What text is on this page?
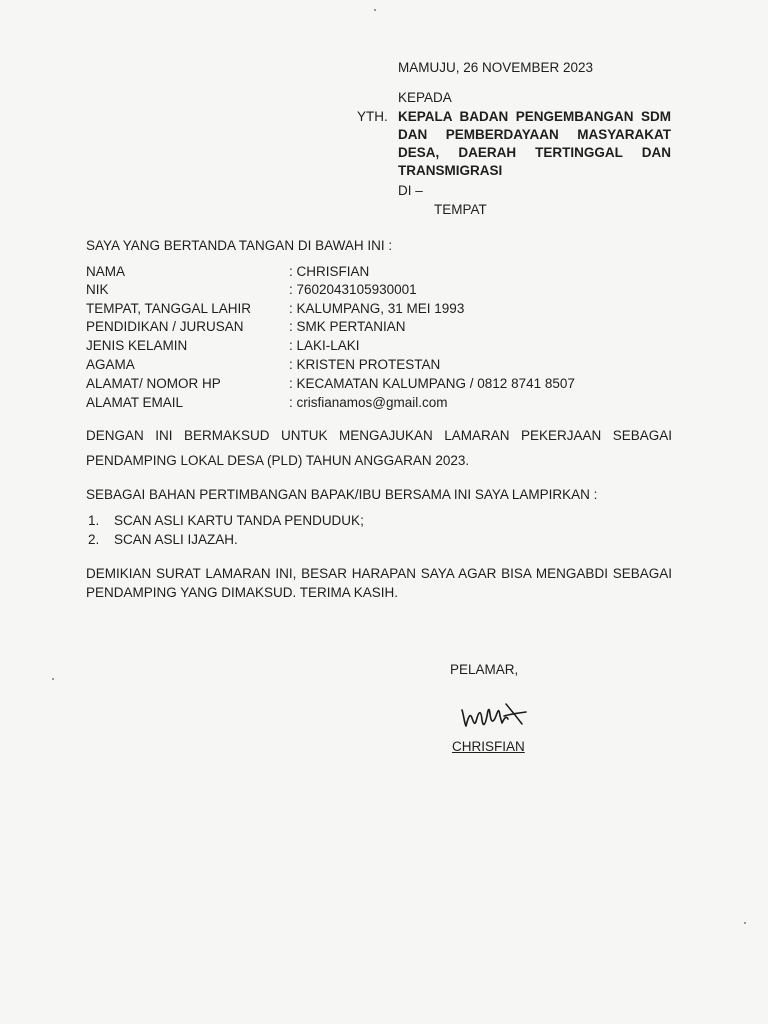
MAMUJU, 26 NOVEMBER 2023
KEPADA
YTH. KEPALA BADAN PENGEMBANGAN SDM
DAN PEMBERDAYAAN MASYARAKAT
DESA, DAERAH TERTINGGAL DAN
TRANSMIGRASI
DI –
TEMPAT
SAYA YANG BERTANDA TANGAN DI BAWAH INI :
NAMA	: CHRISFIAN
NIK	: 7602043105930001
TEMPAT, TANGGAL LAHIR	: KALUMPANG, 31 MEI 1993
PENDIDIKAN / JURUSAN	: SMK PERTANIAN
JENIS KELAMIN	: LAKI-LAKI
AGAMA	: KRISTEN PROTESTAN
ALAMAT/ NOMOR HP	: KECAMATAN KALUMPANG / 0812 8741 8507
ALAMAT EMAIL	: crisfianamos@gmail.com
DENGAN INI BERMAKSUD UNTUK MENGAJUKAN LAMARAN PEKERJAAN SEBAGAI
PENDAMPING LOKAL DESA (PLD) TAHUN ANGGARAN 2023.
SEBAGAI BAHAN PERTIMBANGAN BAPAK/IBU BERSAMA INI SAYA LAMPIRKAN :
1. SCAN ASLI KARTU TANDA PENDUDUK;
2. SCAN ASLI IJAZAH.
DEMIKIAN SURAT LAMARAN INI, BESAR HARAPAN SAYA AGAR BISA MENGABDI SEBAGAI
PENDAMPING YANG DIMAKSUD. TERIMA KASIH.
PELAMAR,
CHRISFIAN
